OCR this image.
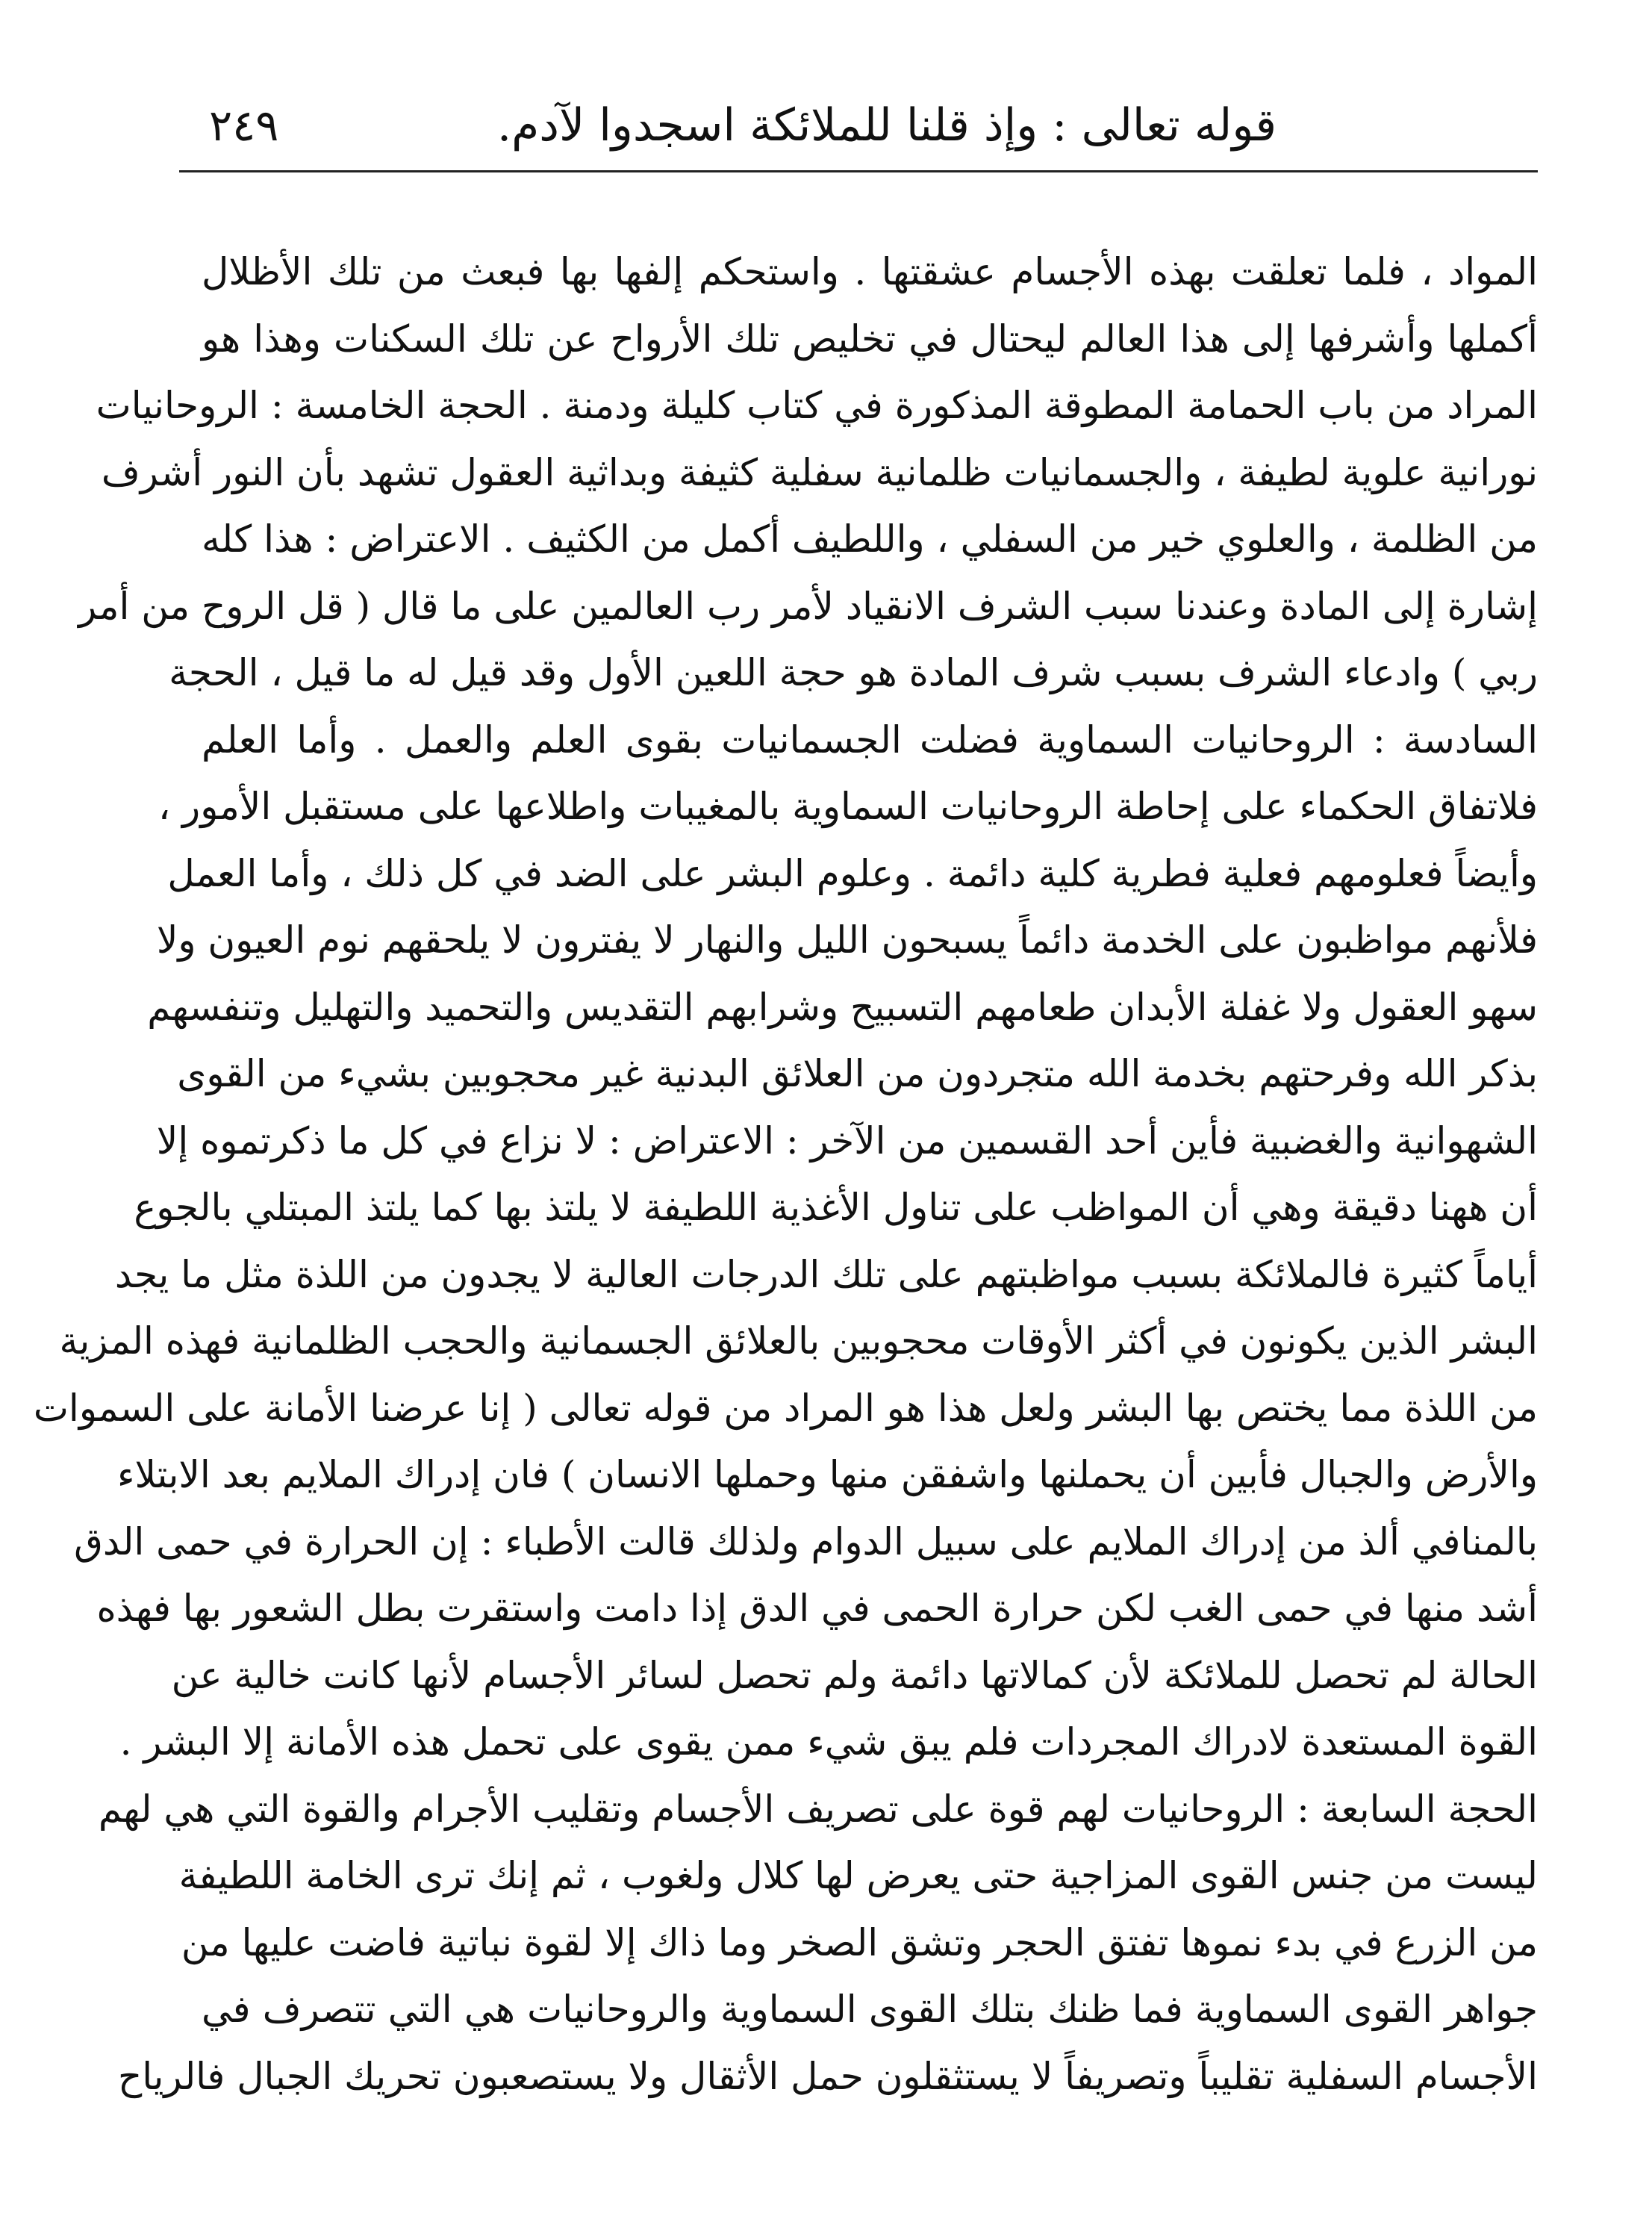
قوله تعالى : وإذ قلنا للملائكة اسجدوا لآدم.
٢٤٩
المواد ، فلما تعلقت بهذه الأجسام عشقتها . واستحكم إلفها بها فبعث من تلك الأظلال
أكملها وأشرفها إلى هذا العالم ليحتال في تخليص تلك الأرواح عن تلك السكنات وهذا هو
المراد من باب الحمامة المطوقة المذكورة في كتاب كليلة ودمنة . الحجة الخامسة : الروحانيات
نورانية علوية لطيفة ، والجسمانيات ظلمانية سفلية كثيفة وبداثية العقول تشهد بأن النور أشرف
من الظلمة ، والعلوي خير من السفلي ، واللطيف أكمل من الكثيف . الاعتراض : هذا كله
إشارة إلى المادة وعندنا سبب الشرف الانقياد لأمر رب العالمين على ما قال ( قل الروح من أمر
ربي ) وادعاء الشرف بسبب شرف المادة هو حجة اللعين الأول وقد قيل له ما قيل ، الحجة
السادسة : الروحانيات السماوية فضلت الجسمانيات بقوى العلم والعمل . وأما العلم
فلاتفاق الحكماء على إحاطة الروحانيات السماوية بالمغيبات واطلاعها على مستقبل الأمور ،
وأيضاً فعلومهم فعلية فطرية كلية دائمة . وعلوم البشر على الضد في كل ذلك ، وأما العمل
فلأنهم مواظبون على الخدمة دائماً يسبحون الليل والنهار لا يفترون لا يلحقهم نوم العيون ولا
سهو العقول ولا غفلة الأبدان طعامهم التسبيح وشرابهم التقديس والتحميد والتهليل وتنفسهم
بذكر الله وفرحتهم بخدمة الله متجردون من العلائق البدنية غير محجوبين بشيء من القوى
الشهوانية والغضبية فأين أحد القسمين من الآخر : الاعتراض : لا نزاع في كل ما ذكرتموه إلا
أن ههنا دقيقة وهي أن المواظب على تناول الأغذية اللطيفة لا يلتذ بها كما يلتذ المبتلي بالجوع
أياماً كثيرة فالملائكة بسبب مواظبتهم على تلك الدرجات العالية لا يجدون من اللذة مثل ما يجد
البشر الذين يكونون في أكثر الأوقات محجوبين بالعلائق الجسمانية والحجب الظلمانية فهذه المزية
من اللذة مما يختص بها البشر ولعل هذا هو المراد من قوله تعالى ( إنا عرضنا الأمانة على السموات
والأرض والجبال فأبين أن يحملنها واشفقن منها وحملها الانسان ) فان إدراك الملايم بعد الابتلاء
بالمنافي ألذ من إدراك الملايم على سبيل الدوام ولذلك قالت الأطباء : إن الحرارة في حمى الدق
أشد منها في حمى الغب لكن حرارة الحمى في الدق إذا دامت واستقرت بطل الشعور بها فهذه
الحالة لم تحصل للملائكة لأن كمالاتها دائمة ولم تحصل لسائر الأجسام لأنها كانت خالية عن
القوة المستعدة لادراك المجردات فلم يبق شيء ممن يقوى على تحمل هذه الأمانة إلا البشر .
الحجة السابعة : الروحانيات لهم قوة على تصريف الأجسام وتقليب الأجرام والقوة التي هي لهم
ليست من جنس القوى المزاجية حتى يعرض لها كلال ولغوب ، ثم إنك ترى الخامة اللطيفة
من الزرع في بدء نموها تفتق الحجر وتشق الصخر وما ذاك إلا لقوة نباتية فاضت عليها من
جواهر القوى السماوية فما ظنك بتلك القوى السماوية والروحانيات هي التي تتصرف في
الأجسام السفلية تقليباً وتصريفاً لا يستثقلون حمل الأثقال ولا يستصعبون تحريك الجبال فالرياح
